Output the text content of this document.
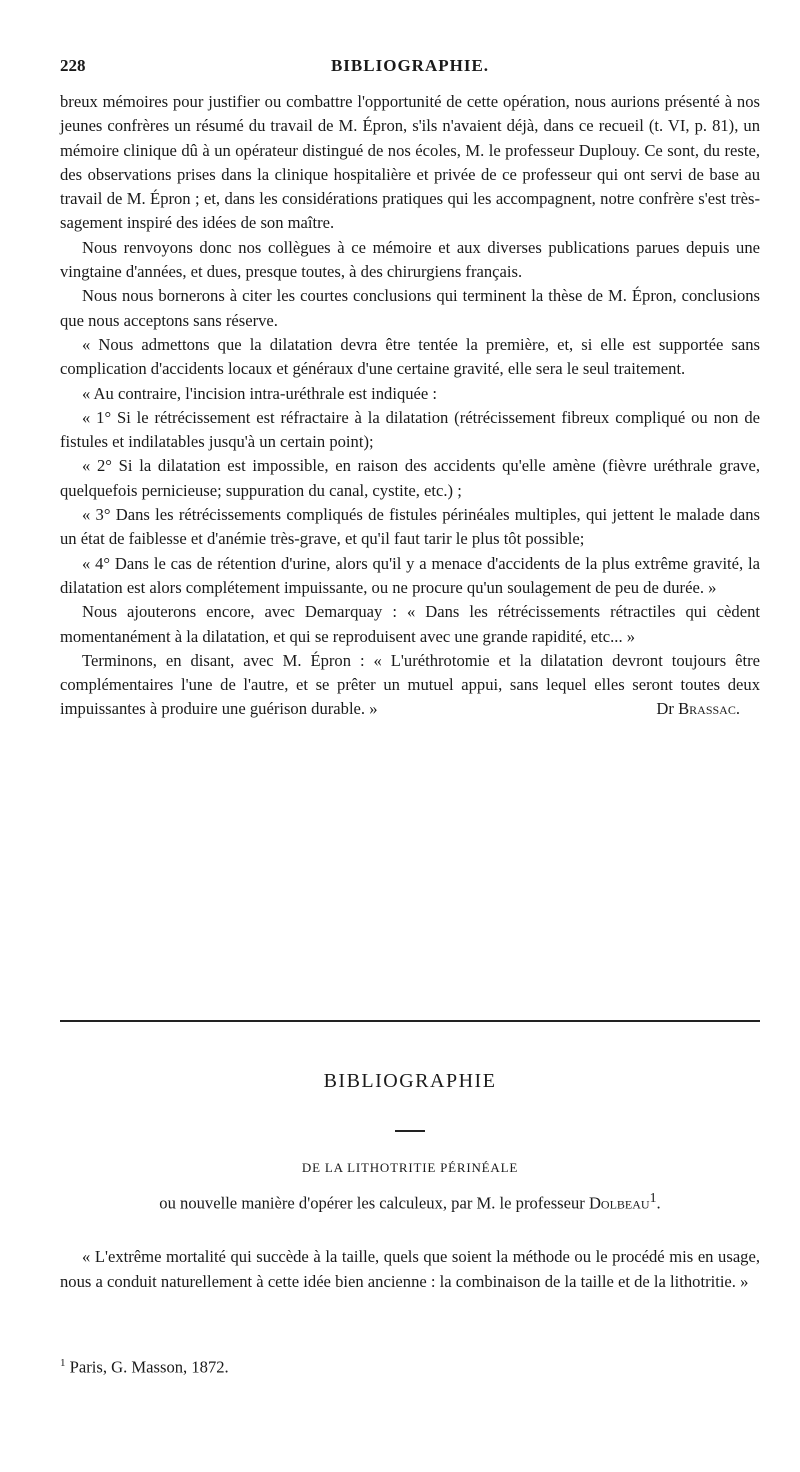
228	BIBLIOGRAPHIE.

breux mémoires pour justifier ou combattre l'opportunité de cette opération, nous aurions présenté à nos jeunes confrères un résumé du travail de M. Épron, s'ils n'avaient déjà, dans ce recueil (t. VI, p. 81), un mémoire clinique dû à un opérateur distingué de nos écoles, M. le professeur Duplouy. Ce sont, du reste, des observations prises dans la clinique hospitalière et privée de ce professeur qui ont servi de base au travail de M. Épron ; et, dans les considérations pratiques qui les accompagnent, notre confrère s'est très-sagement inspiré des idées de son maître.

Nous renvoyons donc nos collègues à ce mémoire et aux diverses publications parues depuis une vingtaine d'années, et dues, presque toutes, à des chirurgiens français.

Nous nous bornerons à citer les courtes conclusions qui terminent la thèse de M. Épron, conclusions que nous acceptons sans réserve.

« Nous admettons que la dilatation devra être tentée la première, et, si elle est supportée sans complication d'accidents locaux et généraux d'une certaine gravité, elle sera le seul traitement.

« Au contraire, l'incision intra-uréthrale est indiquée :

« 1° Si le rétrécissement est réfractaire à la dilatation (rétrécissement fibreux compliqué ou non de fistules et indilatables jusqu'à un certain point);

« 2° Si la dilatation est impossible, en raison des accidents qu'elle amène (fièvre uréthrale grave, quelquefois pernicieuse; suppuration du canal, cystite, etc.) ;

« 3° Dans les rétrécissements compliqués de fistules périnéales multiples, qui jettent le malade dans un état de faiblesse et d'anémie très-grave, et qu'il faut tarir le plus tôt possible;

« 4° Dans le cas de rétention d'urine, alors qu'il y a menace d'accidents de la plus extrême gravité, la dilatation est alors complétement impuissante, ou ne procure qu'un soulagement de peu de durée. »

Nous ajouterons encore, avec Demarquay : « Dans les rétrécissements rétractiles qui cèdent momentanément à la dilatation, et qui se reproduisent avec une grande rapidité, etc... »

Terminons, en disant, avec M. Épron : « L'uréthrotomie et la dilatation devront toujours être complémentaires l'une de l'autre, et se prêter un mutuel appui, sans lequel elles seront toutes deux impuissantes à produire une guérison durable. »	Dr Brassac.

BIBLIOGRAPHIE
DE LA LITHOTRITIE PÉRINÉALE
ou nouvelle manière d'opérer les calculeux, par M. le professeur Dolbeau$^1$.

« L'extrême mortalité qui succède à la taille, quels que soient la méthode ou le procédé mis en usage, nous a conduit naturellement à cette idée bien ancienne : la combinaison de la taille et de la lithotritie. »

$^1$ Paris, G. Masson, 1872.
